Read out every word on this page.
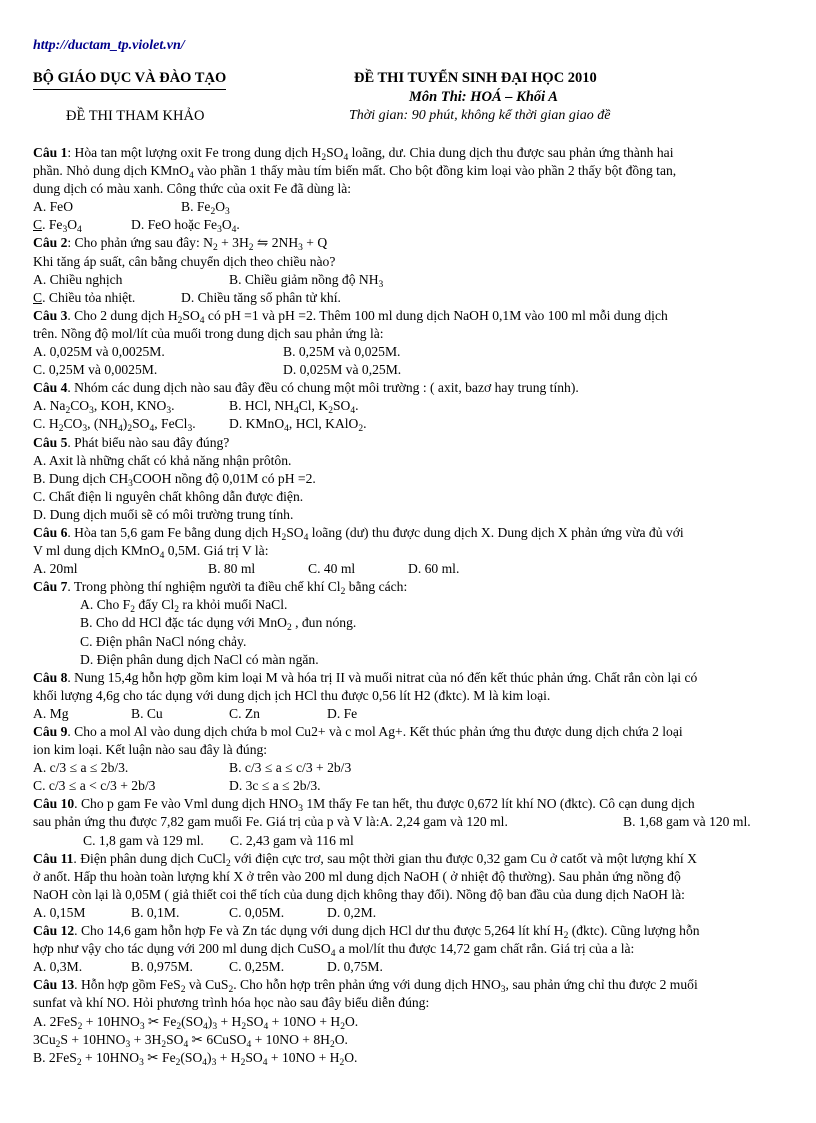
http://ductam_tp.violet.vn/
BỘ GIÁO DỤC VÀ ĐÀO TẠO
ĐỀ THI THAM KHẢO
ĐỀ THI TUYỂN SINH ĐẠI HỌC 2010
Môn Thi: HOÁ – Khối A
Thời gian: 90 phút, không kể thời gian giao đề
Câu 1: Hòa tan một lượng oxit Fe trong dung dịch $H_2SO_4$ loãng, dư. Chia dung dịch thu được sau phản ứng thành hai
phần. Nhỏ dung dịch KMnO$_4$ vào phần 1 thấy màu tím biến mất. Cho bột đồng kim loại vào phần 2 thấy bột đồng tan,
dung dịch có màu xanh. Công thức của oxit Fe đã dùng là:
A. FeO	B. $Fe_2O_3$
C. $Fe_3O_4$	D. FeO hoặc $Fe_3O_4$.
Câu 2: Cho phản ứng sau đây: $N_2 + 3H_2$ ⇋ $2NH_3 + Q$
Khi tăng áp suất, cân bằng chuyển dịch theo chiều nào?
A. Chiều nghịch	B. Chiều giảm nồng độ $NH_3$
C. Chiều tỏa nhiệt.	D. Chiều tăng số phân tử khí.
Câu 3. Cho 2 dung dịch $H_2SO_4$ có pH =1 và pH =2. Thêm 100 ml dung dịch NaOH 0,1M vào 100 ml mỗi dung dịch
trên. Nồng độ mol/lít của muối trong dung dịch sau phản ứng là:
A. 0,025M và 0,0025M.	B. 0,25M và 0,025M.
C. 0,25M và 0,0025M.	D. 0,025M và 0,25M.
Câu 4. Nhóm các dung dịch nào sau đây đều có chung một môi trường : ( axit, bazơ hay trung tính).
A. $Na_2CO_3$, KOH, $KNO_3$.	B. HCl, $NH_4Cl$, $K_2SO_4$.
C. $H_2CO_3$, $(NH_4)_2SO_4$, FeCl$_3$. D. KMnO$_4$, HCl, KAlO$_2$.
Câu 5. Phát biểu nào sau đây đúng?
A. Axit là những chất có khả năng nhận prôtôn.
B. Dung dịch $CH_3COOH$ nồng độ 0,01M có pH =2.
C. Chất điện li nguyên chất không dẫn được điện.
D. Dung dịch muối sẽ có môi trường trung tính.
Câu 6. Hòa tan 5,6 gam Fe bằng dung dịch $H_2SO_4$ loãng (dư) thu được dung dịch X. Dung dịch X phản ứng vừa đủ với
V ml dung dịch KMnO$_4$ 0,5M. Giá trị V là:
A. 20ml	B. 80 ml	C. 40 ml	D. 60 ml.
Câu 7. Trong phòng thí nghiệm người ta điều chế khí $Cl_2$ bằng cách:
A. Cho $F_2$ đẩy $Cl_2$ ra khỏi muối NaCl.
B. Cho dd HCl đặc tác dụng với MnO$_2$ , đun nóng.
C. Điện phân NaCl nóng chảy.
D. Điện phân dung dịch NaCl có màn ngăn.
Câu 8. Nung 15,4g hỗn hợp gồm kim loại M và hóa trị II và muối nitrat của nó đến kết thúc phản ứng. Chất rắn còn lại có
khối lượng 4,6g cho tác dụng với dung dịch ịch HCl thu được 0,56 lít H2 (đktc). M là kim loại.
A. Mg	B. Cu	C. Zn	D. Fe
Câu 9. Cho a mol Al vào dung dịch chứa b mol Cu2+ và c mol Ag+. Kết thúc phản ứng thu được dung dịch chứa 2 loại
ion kim loại. Kết luận nào sau đây là đúng:
A. c/3 ≤ a ≤ 2b/3.	B. c/3 ≤ a ≤ c/3 + 2b/3
C. c/3 ≤ a < c/3 + 2b/3	D. 3c ≤ a ≤ 2b/3.
Câu 10. Cho p gam Fe vào Vml dung dịch $HNO_3$ 1M thấy Fe tan hết, thu được 0,672 lít khí NO (đktc). Cô cạn dung dịch
sau phản ứng thu được 7,82 gam muối Fe. Giá trị của p và V là:A. 2,24 gam và 120 ml.	B. 1,68 gam và 120 ml.
C. 1,8 gam và 129 ml. C. 2,43 gam và 116 ml
Câu 11. Điện phân dung dịch CuCl$_2$ với điện cực trơ, sau một thời gian thu được 0,32 gam Cu ở catốt và một lượng khí X
ở anốt. Hấp thu hoàn toàn lượng khí X ở trên vào 200 ml dung dịch NaOH ( ở nhiệt độ thường). Sau phản ứng nồng độ
NaOH còn lại là 0,05M ( giả thiết coi thể tích của dung dịch không thay đổi). Nồng độ ban đầu của dung dịch NaOH là:
A. 0,15M	B. 0,1M.	C. 0,05M.	D. 0,2M.
Câu 12. Cho 14,6 gam hỗn hợp Fe và Zn tác dụng với dung dịch HCl dư thu được 5,264 lít khí $H_2$ (đktc). Cũng lượng hỗn
hợp như vậy cho tác dụng với 200 ml dung dịch CuSO$_4$ a mol/lít thu được 14,72 gam chất rắn. Giá trị của a là:
A. 0,3M.	B. 0,975M.	C. 0,25M.	D. 0,75M.
Câu 13. Hỗn hợp gồm FeS$_2$ và CuS$_2$. Cho hỗn hợp trên phản ứng với dung dịch $HNO_3$, sau phản ứng chỉ thu được 2 muối
sunfat và khí NO. Hỏi phương trình hóa học nào sau đây biểu diễn đúng:
A. $2FeS_2 + 10HNO_3$ ✂ $Fe_2(SO_4)_3 + H_2SO_4 + 10NO + H_2O$.
$3Cu_2S + 10HNO_3 + 3H_2SO_4$ ✂ 6CuSO$_4$ + $10NO + 8H_2O$.
B. $2FeS_2 + 10HNO_3$ ✂ $Fe_2(SO_4)_3 + H_2SO_4 + 10NO + H_2O$.
